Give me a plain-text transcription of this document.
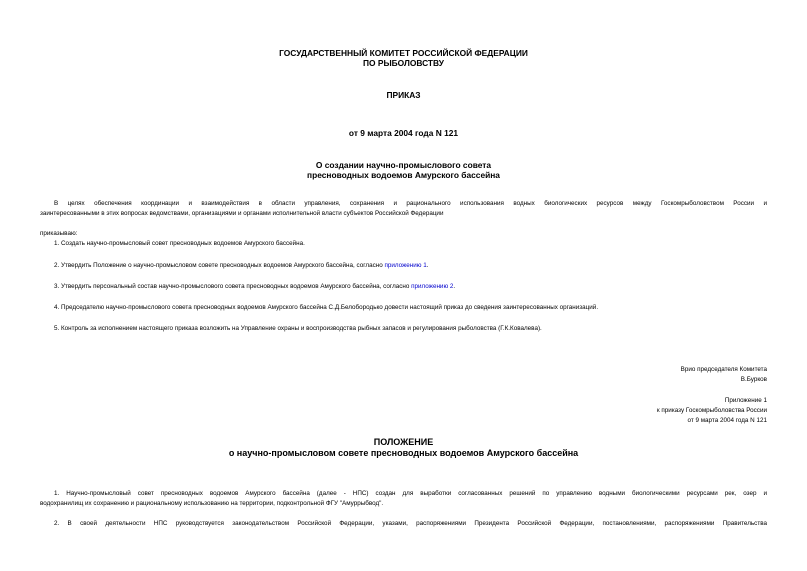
ГОСУДАРСТВЕННЫЙ КОМИТЕТ РОССИЙСКОЙ ФЕДЕРАЦИИ
ПО РЫБОЛОВСТВУ
ПРИКАЗ
от 9 марта 2004 года N 121
О создании научно-промыслового совета
пресноводных водоемов Амурского бассейна
В целях обеспечения координации и взаимодействия в области управления, сохранения и рационального использования водных биологических ресурсов между Госкомрыболовством России и
заинтересованными в этих вопросах ведомствами, организациями и органами исполнительной власти субъектов Российской Федерации
приказываю:
1. Создать научно-промысловый совет пресноводных водоемов Амурского бассейна.
2. Утвердить Положение о научно-промысловом совете пресноводных водоемов Амурского бассейна, согласно приложению 1.
3. Утвердить персональный состав научно-промыслового совета пресноводных водоемов Амурского бассейна, согласно приложению 2.
4. Председателю научно-промыслового совета пресноводных водоемов Амурского бассейна С.Д.Белобородько довести настоящий приказ до сведения заинтересованных организаций.
5. Контроль за исполнением настоящего приказа возложить на Управление охраны и воспроизводства рыбных запасов и регулирования рыболовства (Г.К.Ковалева).
Врио председателя Комитета
В.Бурков
Приложение 1
к приказу Госкомрыболовства России
от 9 марта 2004 года N 121
ПОЛОЖЕНИЕ
о научно-промысловом совете пресноводных водоемов Амурского бассейна
1. Научно-промысловый совет пресноводных водоемов Амурского бассейна (далее - НПС) создан для выработки согласованных решений по управлению водными биологическими ресурсами рек, озер и
водохранилищ их сохранению и рациональному использованию на территории, подконтрольной ФГУ "Амуррыбвод".
2. В своей деятельности НПС руководствуется законодательством Российской Федерации, указами, распоряжениями Президента Российской Федерации, постановлениями, распоряжениями Правительства
